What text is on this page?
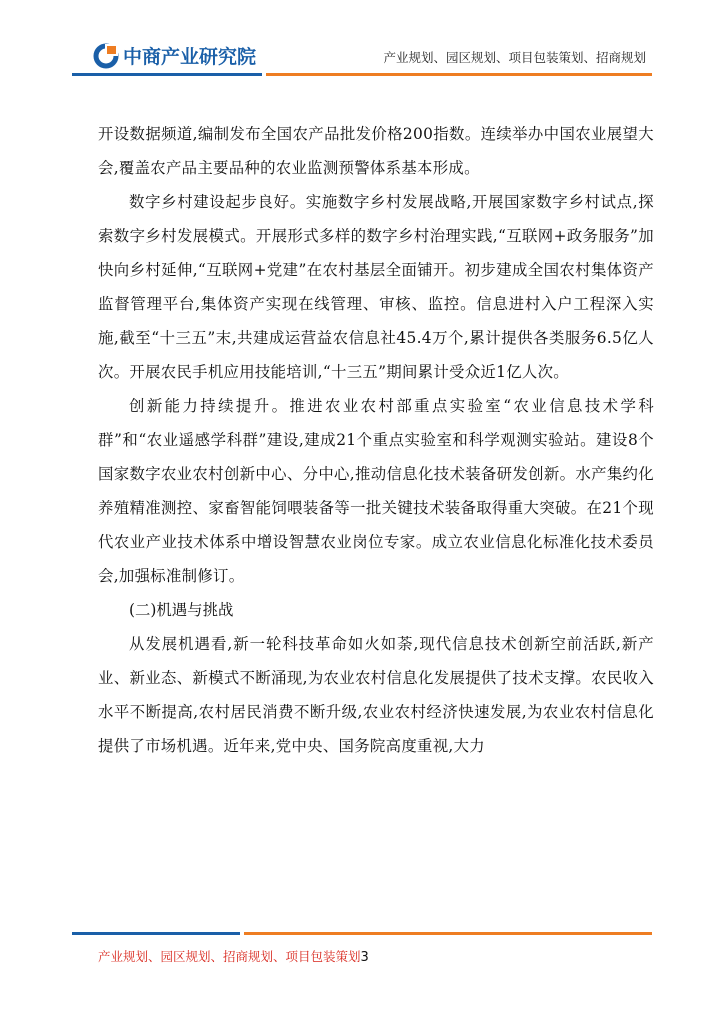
中商产业研究院	产业规划、园区规划、项目包装策划、招商规划

开设数据频道,编制发布全国农产品批发价格200指数。连续举办中国农业展望大会,覆盖农产品主要品种的农业监测预警体系基本形成。

数字乡村建设起步良好。实施数字乡村发展战略,开展国家数字乡村试点,探索数字乡村发展模式。开展形式多样的数字乡村治理实践,“互联网+政务服务”加快向乡村延伸,“互联网+党建”在农村基层全面铺开。初步建成全国农村集体资产监督管理平台,集体资产实现在线管理、审核、监控。信息进村入户工程深入实施,截至“十三五”末,共建成运营益农信息社45.4万个,累计提供各类服务6.5亿人次。开展农民手机应用技能培训,“十三五”期间累计受众近1亿人次。

创新能力持续提升。推进农业农村部重点实验室“农业信息技术学科群”和“农业遥感学科群”建设,建成21个重点实验室和科学观测实验站。建设8个国家数字农业农村创新中心、分中心,推动信息化技术装备研发创新。水产集约化养殖精准测控、家畜智能饲喂装备等一批关键技术装备取得重大突破。在21个现代农业产业技术体系中增设智慧农业岗位专家。成立农业信息化标准化技术委员会,加强标准制修订。

(二)机遇与挑战

从发展机遇看,新一轮科技革命如火如荼,现代信息技术创新空前活跃,新产业、新业态、新模式不断涌现,为农业农村信息化发展提供了技术支撑。农民收入水平不断提高,农村居民消费不断升级,农业农村经济快速发展,为农业农村信息化提供了市场机遇。近年来,党中央、国务院高度重视,大力

产业规划、园区规划、招商规划、项目包装策划3
